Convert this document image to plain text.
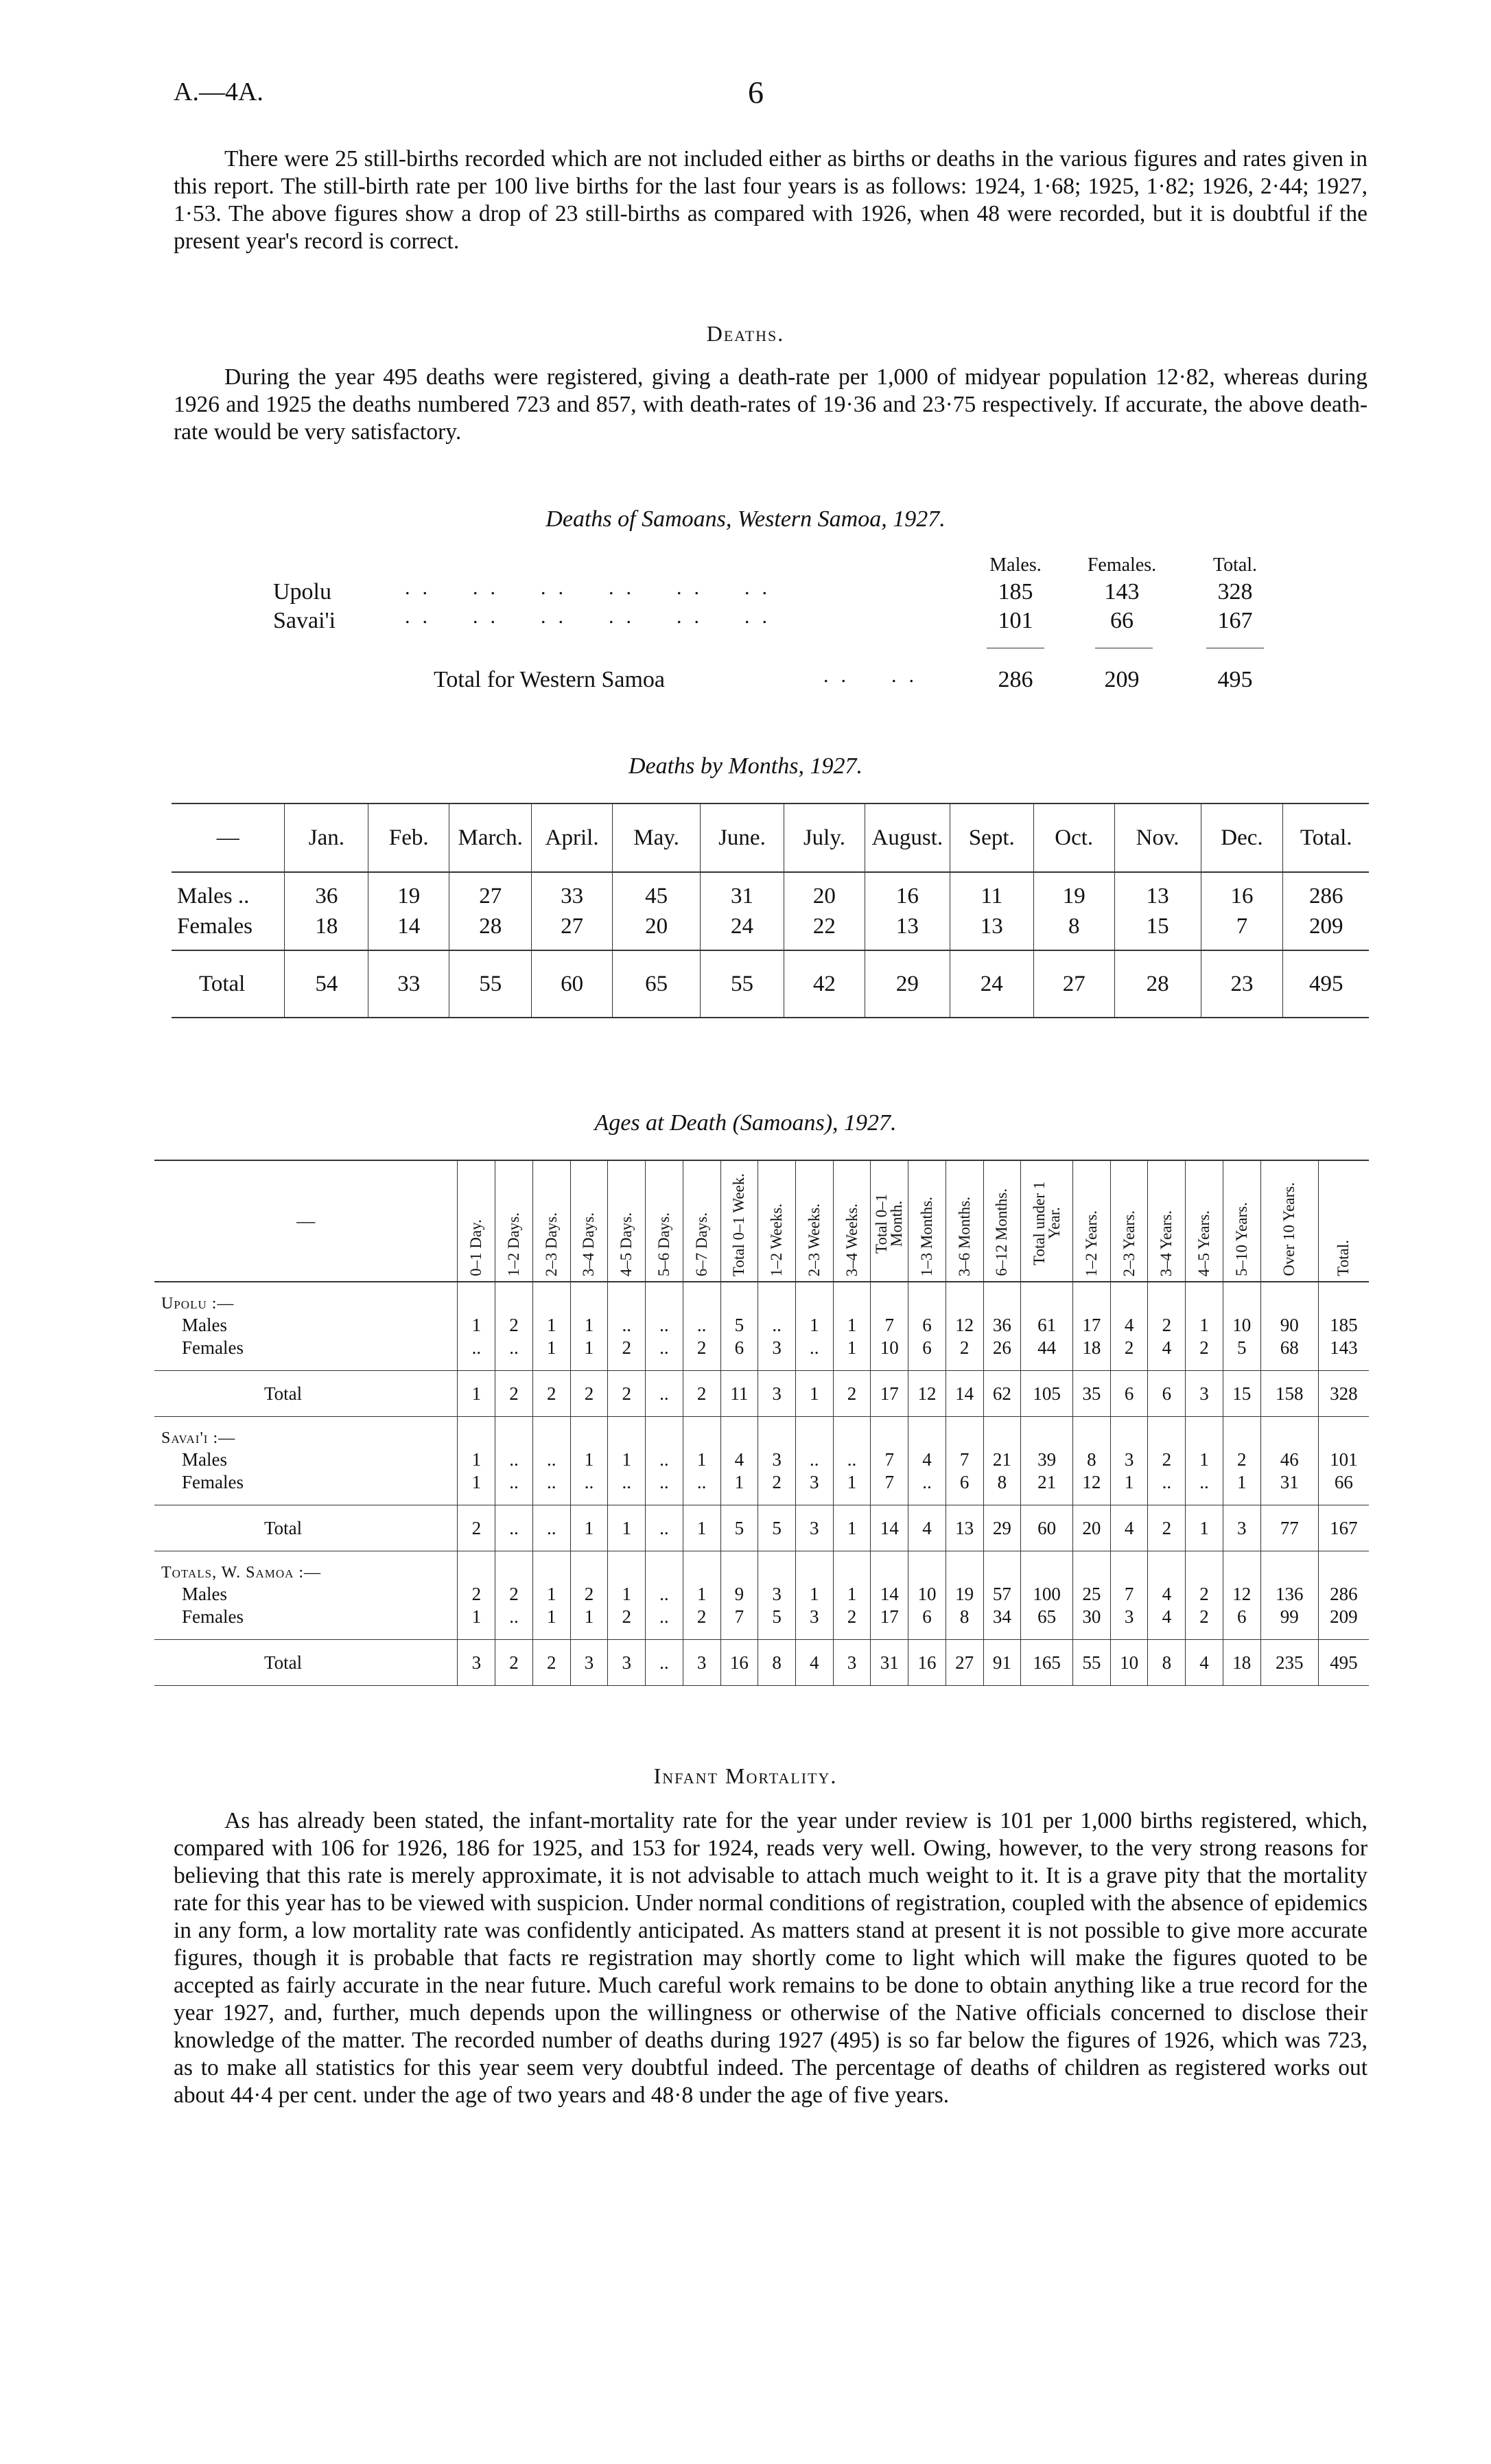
A.—4A.	6
There were 25 still-births recorded which are not included either as births or deaths in the various figures and rates given in this report. The still-birth rate per 100 live births for the last four years is as follows: 1924, 1·68; 1925, 1·82; 1926, 2·44; 1927, 1·53. The above figures show a drop of 23 still-births as compared with 1926, when 48 were recorded, but it is doubtful if the present year's record is correct.
Deaths.
During the year 495 deaths were registered, giving a death-rate per 1,000 of midyear population 12·82, whereas during 1926 and 1925 the deaths numbered 723 and 857, with death-rates of 19·36 and 23·75 respectively. If accurate, the above death-rate would be very satisfactory.
Deaths of Samoans, Western Samoa, 1927.
Males.	Females.	Total.
Upolu	.. .. .. .. .. ..	185	143	328
Savai'i	.. .. .. .. .. ..	101	66	167
Total for Western Samoa	.. ..	286	209	495
Deaths by Months, 1927.
—	Jan.	Feb.	March.	April.	May.	June.	July.	August.	Sept.	Oct.	Nov.	Dec.	Total.

Males ..	36	19	27	33	45	31	20	16	11	19	13	16	286
Females	18	14	28	27	20	24	22	13	13	8	15	7	209

Total	54	33	55	60	65	55	42	29	24	27	28	23	495
Ages at Death (Samoans), 1927.
—	0–1 Day.	1–2 Days.	2–3 Days.	3–4 Days.	4–5 Days.	5–6 Days.	6–7 Days.	Total 0–1 Week.	1–2 Weeks.	2–3 Weeks.	3–4 Weeks.	Total 0–1 Month.	1–3 Months.	3–6 Months.	6–12 Months.	Total under 1 Year.	1–2 Years.	2–3 Years.	3–4 Years.	4–5 Years.	5–10 Years.	Over 10 Years.	Total.

Upolu :—																							
Males	1	2	1	1	..	..	..	5	..	1	1	7	6	12	36	61	17	4	2	1	10	90	185
Females	..	..	1	1	2	..	2	6	3	..	1	10	6	2	26	44	18	2	4	2	5	68	143

Total	1	2	2	2	2	..	2	11	3	1	2	17	12	14	62	105	35	6	6	3	15	158	328

Savai'i :—																							
Males	1	..	..	1	1	..	1	4	3	..	..	7	4	7	21	39	8	3	2	1	2	46	101
Females	1	..	..	..	..	..	..	1	2	3	1	7	..	6	8	21	12	1	..	..	1	31	66

Total	2	..	..	1	1	..	1	5	5	3	1	14	4	13	29	60	20	4	2	1	3	77	167

Totals, W. Samoa :—																							
Males	2	2	1	2	1	..	1	9	3	1	1	14	10	19	57	100	25	7	4	2	12	136	286
Females	1	..	1	1	2	..	2	7	5	3	2	17	6	8	34	65	30	3	4	2	6	99	209

Total	3	2	2	3	3	..	3	16	8	4	3	31	16	27	91	165	55	10	8	4	18	235	495
Infant Mortality.
As has already been stated, the infant-mortality rate for the year under review is 101 per 1,000 births registered, which, compared with 106 for 1926, 186 for 1925, and 153 for 1924, reads very well. Owing, however, to the very strong reasons for believing that this rate is merely approximate, it is not advisable to attach much weight to it. It is a grave pity that the mortality rate for this year has to be viewed with suspicion. Under normal conditions of registration, coupled with the absence of epidemics in any form, a low mortality rate was confidently anticipated. As matters stand at present it is not possible to give more accurate figures, though it is probable that facts re registration may shortly come to light which will make the figures quoted to be accepted as fairly accurate in the near future. Much careful work remains to be done to obtain anything like a true record for the year 1927, and, further, much depends upon the willingness or otherwise of the Native officials concerned to disclose their knowledge of the matter. The recorded number of deaths during 1927 (495) is so far below the figures of 1926, which was 723, as to make all statistics for this year seem very doubtful indeed. The percentage of deaths of children as registered works out about 44·4 per cent. under the age of two years and 48·8 under the age of five years.
